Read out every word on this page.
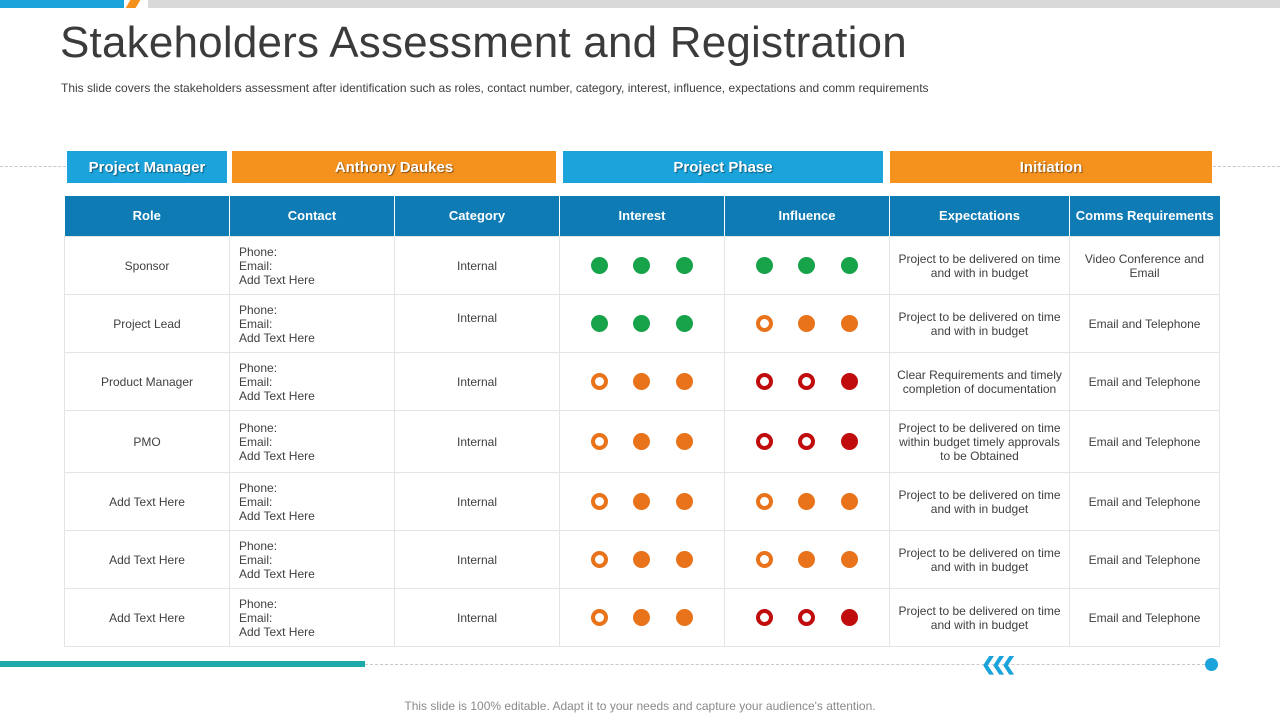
Stakeholders Assessment and Registration

This slide covers the stakeholders assessment after identification such as roles, contact number, category, interest, influence, expectations and comm requirements

Project Manager	Anthony Daukes	Project Phase	Initiation
Role	Contact	Category	Interest	Influence	Expectations	Comms Requirements
Sponsor	Phone:
Email:
Add Text Here	Internal			Project to be delivered on time and with in budget	Video Conference and Email
Project Lead	Phone:
Email:
Add Text Here	Internal			Project to be delivered on time and with in budget	Email and Telephone
Product Manager	Phone:
Email:
Add Text Here	Internal			Clear Requirements and timely completion of documentation	Email and Telephone
PMO	Phone:
Email:
Add Text Here	Internal			Project to be delivered on time within budget timely approvals to be Obtained	Email and Telephone
Add Text Here	Phone:
Email:
Add Text Here	Internal			Project to be delivered on time and with in budget	Email and Telephone
Add Text Here	Phone:
Email:
Add Text Here	Internal			Project to be delivered on time and with in budget	Email and Telephone
Add Text Here	Phone:
Email:
Add Text Here	Internal			Project to be delivered on time and with in budget	Email and Telephone
❮❮❮

This slide is 100% editable. Adapt it to your needs and capture your audience's attention.
